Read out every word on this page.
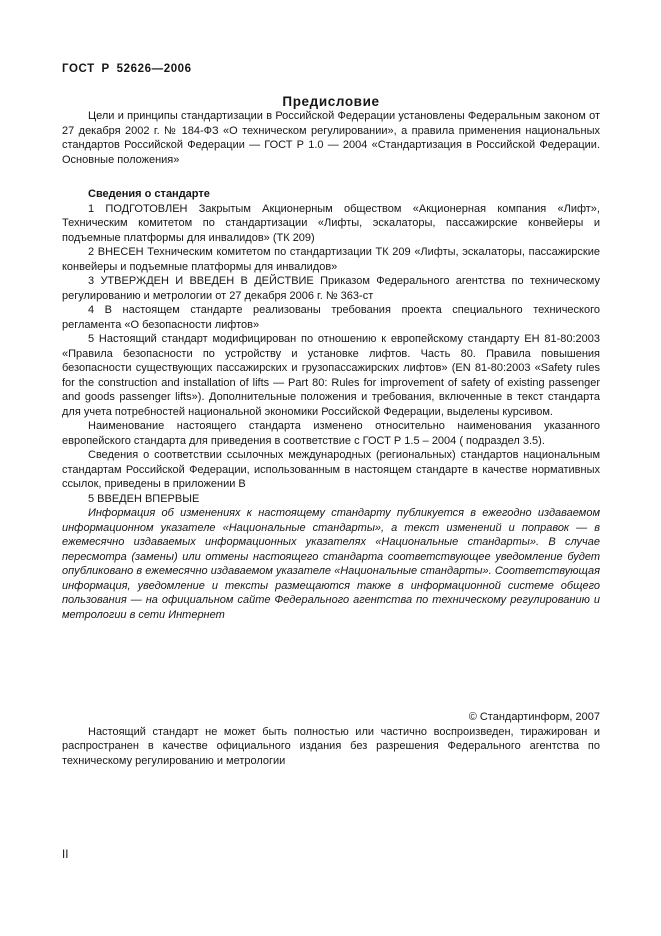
ГОСТ Р 52626—2006
Предисловие

Цели и принципы стандартизации в Российской Федерации установлены Федеральным законом от 27 декабря 2002 г. № 184-ФЗ «О техническом регулировании», а правила применения национальных стандартов Российской Федерации — ГОСТ Р 1.0 — 2004 «Стандартизация в Российской Федерации. Основные положения»

Сведения о стандарте

1 ПОДГОТОВЛЕН Закрытым Акционерным обществом «Акционерная компания «Лифт», Техническим комитетом по стандартизации «Лифты, эскалаторы, пассажирские конвейеры и подъемные платформы для инвалидов» (ТК 209)

2 ВНЕСЕН Техническим комитетом по стандартизации ТК 209 «Лифты, эскалаторы, пассажирские конвейеры и подъемные платформы для инвалидов»

3 УТВЕРЖДЕН И ВВЕДЕН В ДЕЙСТВИЕ Приказом Федерального агентства по техническому регулированию и метрологии от 27 декабря 2006 г. № 363-ст

4 В настоящем стандарте реализованы требования проекта специального технического регламента «О безопасности лифтов»

5 Настоящий стандарт модифицирован по отношению к европейскому стандарту ЕН 81-80:2003 «Правила безопасности по устройству и установке лифтов. Часть 80. Правила повышения безопасности существующих пассажирских и грузопассажирских лифтов» (EN 81-80:2003 «Safety rules for the construction and installation of lifts — Part 80: Rules for improvement of safety of existing passenger and goods passenger lifts»). Дополнительные положения и требования, включенные в текст стандарта для учета потребностей национальной экономики Российской Федерации, выделены курсивом.

Наименование настоящего стандарта изменено относительно наименования указанного европейского стандарта для приведения в соответствие с ГОСТ Р 1.5 – 2004 ( подраздел 3.5).

Сведения о соответствии ссылочных международных (региональных) стандартов национальным стандартам Российской Федерации, использованным в настоящем стандарте в качестве нормативных ссылок, приведены в приложении В

5 ВВЕДЕН ВПЕРВЫЕ

Информация об изменениях к настоящему стандарту публикуется в ежегодно издаваемом информационном указателе «Национальные стандарты», а текст изменений и поправок — в ежемесячно издаваемых информационных указателях «Национальные стандарты». В случае пересмотра (замены) или отмены настоящего стандарта соответствующее уведомление будет опубликовано в ежемесячно издаваемом указателе «Национальные стандарты». Соответствующая информация, уведомление и тексты размещаются также в информационной системе общего пользования — на официальном сайте Федерального агентства по техническому регулированию и метрологии в сети Интернет

© Стандартинформ, 2007

Настоящий стандарт не может быть полностью или частично воспроизведен, тиражирован и распространен в качестве официального издания без разрешения Федерального агентства по техническому регулированию и метрологии

II
